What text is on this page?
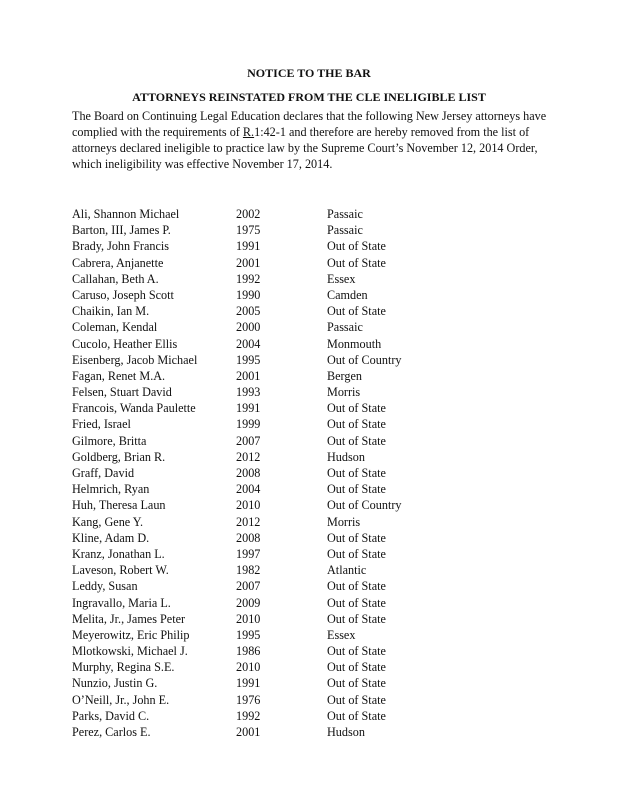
NOTICE TO THE BAR
ATTORNEYS REINSTATED FROM THE CLE INELIGIBLE LIST
The Board on Continuing Legal Education declares that the following New Jersey attorneys have complied with the requirements of R.1:42-1 and therefore are hereby removed from the list of attorneys declared ineligible to practice law by the Supreme Court’s November 12, 2014 Order, which ineligibility was effective November 17, 2014.
Ali, Shannon Michael	2002	Passaic
Barton, III, James P.	1975	Passaic
Brady, John Francis	1991	Out of State
Cabrera, Anjanette	2001	Out of State
Callahan, Beth A.	1992	Essex
Caruso, Joseph Scott	1990	Camden
Chaikin, Ian M.	2005	Out of State
Coleman, Kendal	2000	Passaic
Cucolo, Heather Ellis	2004	Monmouth
Eisenberg, Jacob Michael	1995	Out of Country
Fagan, Renet M.A.	2001	Bergen
Felsen, Stuart David	1993	Morris
Francois, Wanda Paulette	1991	Out of State
Fried, Israel	1999	Out of State
Gilmore, Britta	2007	Out of State
Goldberg, Brian R.	2012	Hudson
Graff, David	2008	Out of State
Helmrich, Ryan	2004	Out of State
Huh, Theresa Laun	2010	Out of Country
Kang, Gene Y.	2012	Morris
Kline, Adam D.	2008	Out of State
Kranz, Jonathan L.	1997	Out of State
Laveson, Robert W.	1982	Atlantic
Leddy, Susan	2007	Out of State
Ingravallo, Maria L.	2009	Out of State
Melita, Jr., James Peter	2010	Out of State
Meyerowitz, Eric Philip	1995	Essex
Mlotkowski, Michael J.	1986	Out of State
Murphy, Regina S.E.	2010	Out of State
Nunzio, Justin G.	1991	Out of State
O’Neill, Jr., John E.	1976	Out of State
Parks, David C.	1992	Out of State
Perez, Carlos E.	2001	Hudson
